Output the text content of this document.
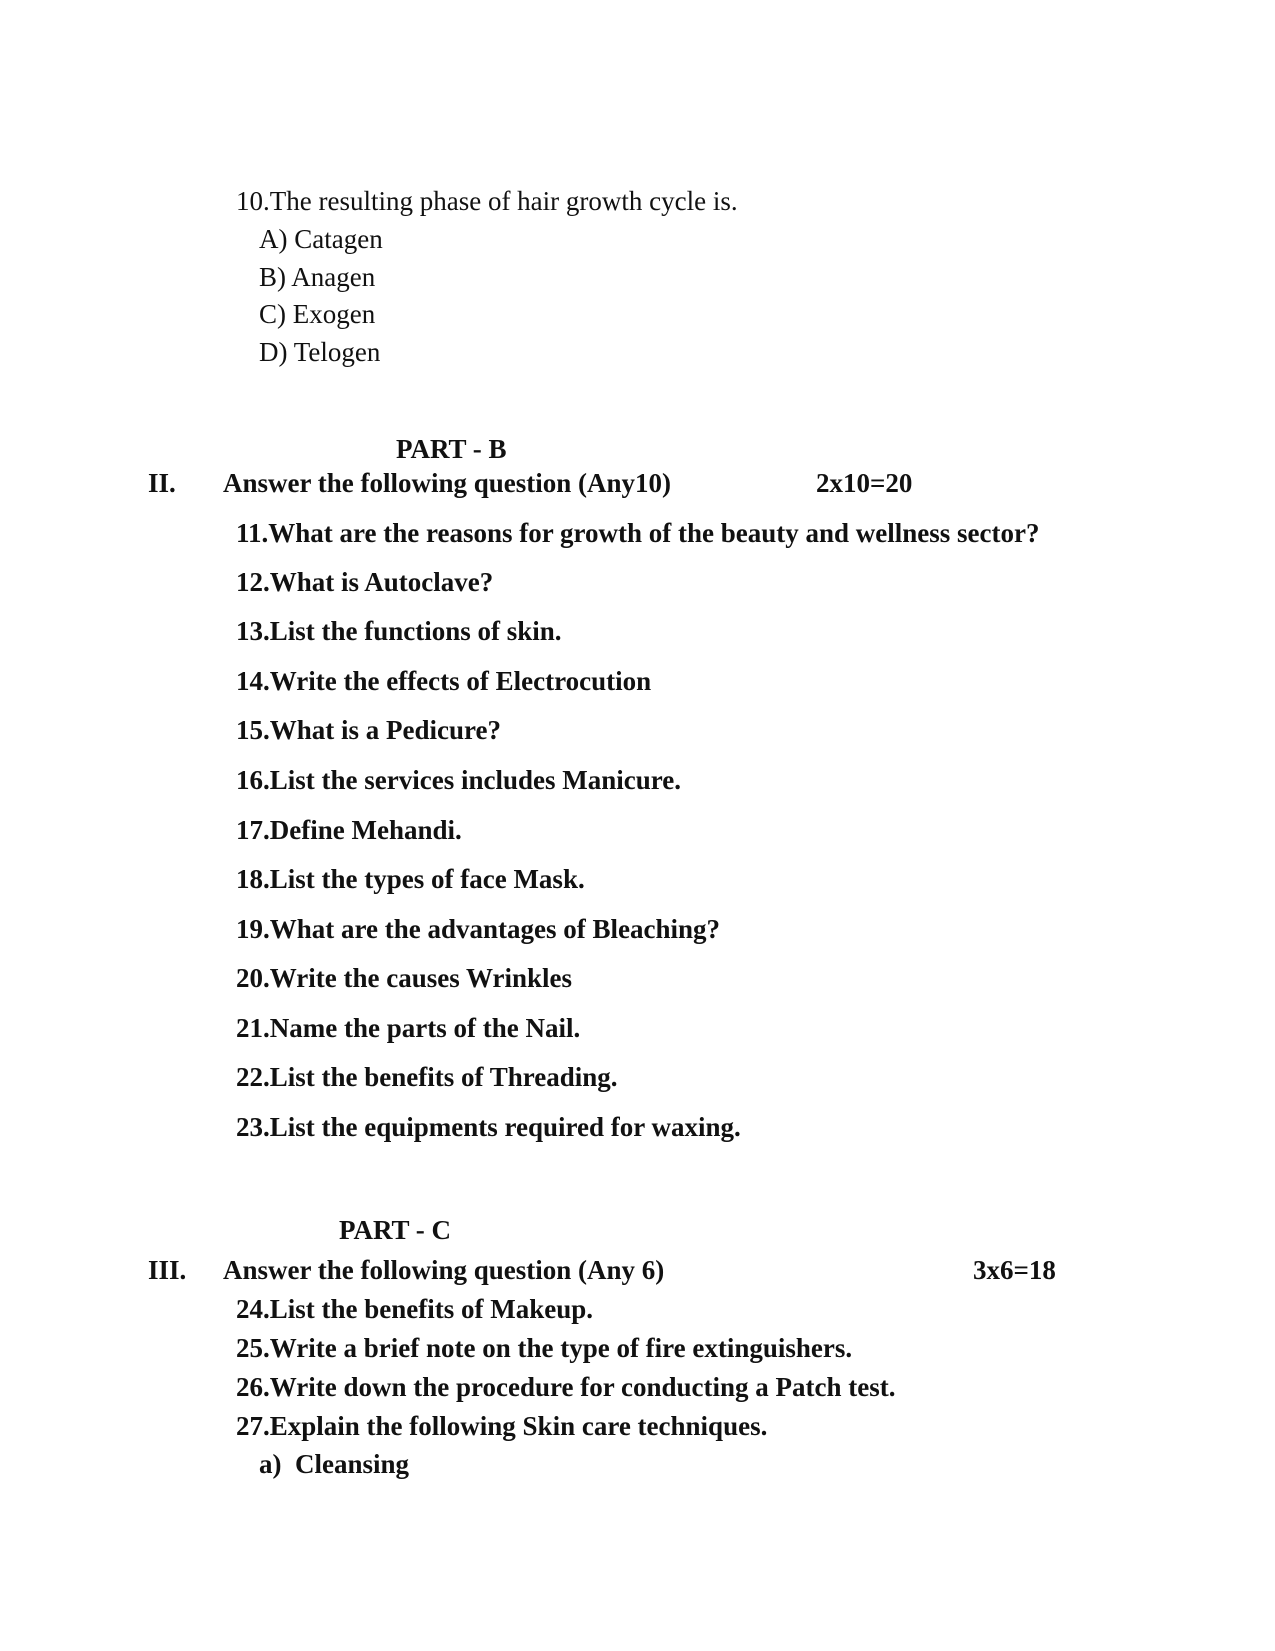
10.The resulting phase of hair growth cycle is.
A) Catagen
B) Anagen
C) Exogen
D) Telogen
PART - B
II. Answer the following question (Any10)	2x10=20
11.What are the reasons for growth of the beauty and wellness sector?
12.What is Autoclave?
13.List the functions of skin.
14.Write the effects of Electrocution
15.What is a Pedicure?
16.List the services includes Manicure.
17.Define Mehandi.
18.List the types of face Mask.
19.What are the advantages of Bleaching?
20.Write the causes Wrinkles
21.Name the parts of the Nail.
22.List the benefits of Threading.
23.List the equipments required for waxing.
PART - C
III. Answer the following question (Any 6)	3x6=18
24.List the benefits of Makeup.
25.Write a brief note on the type of fire extinguishers.
26.Write down the procedure for conducting a Patch test.
27.Explain the following Skin care techniques.
a)  Cleansing
